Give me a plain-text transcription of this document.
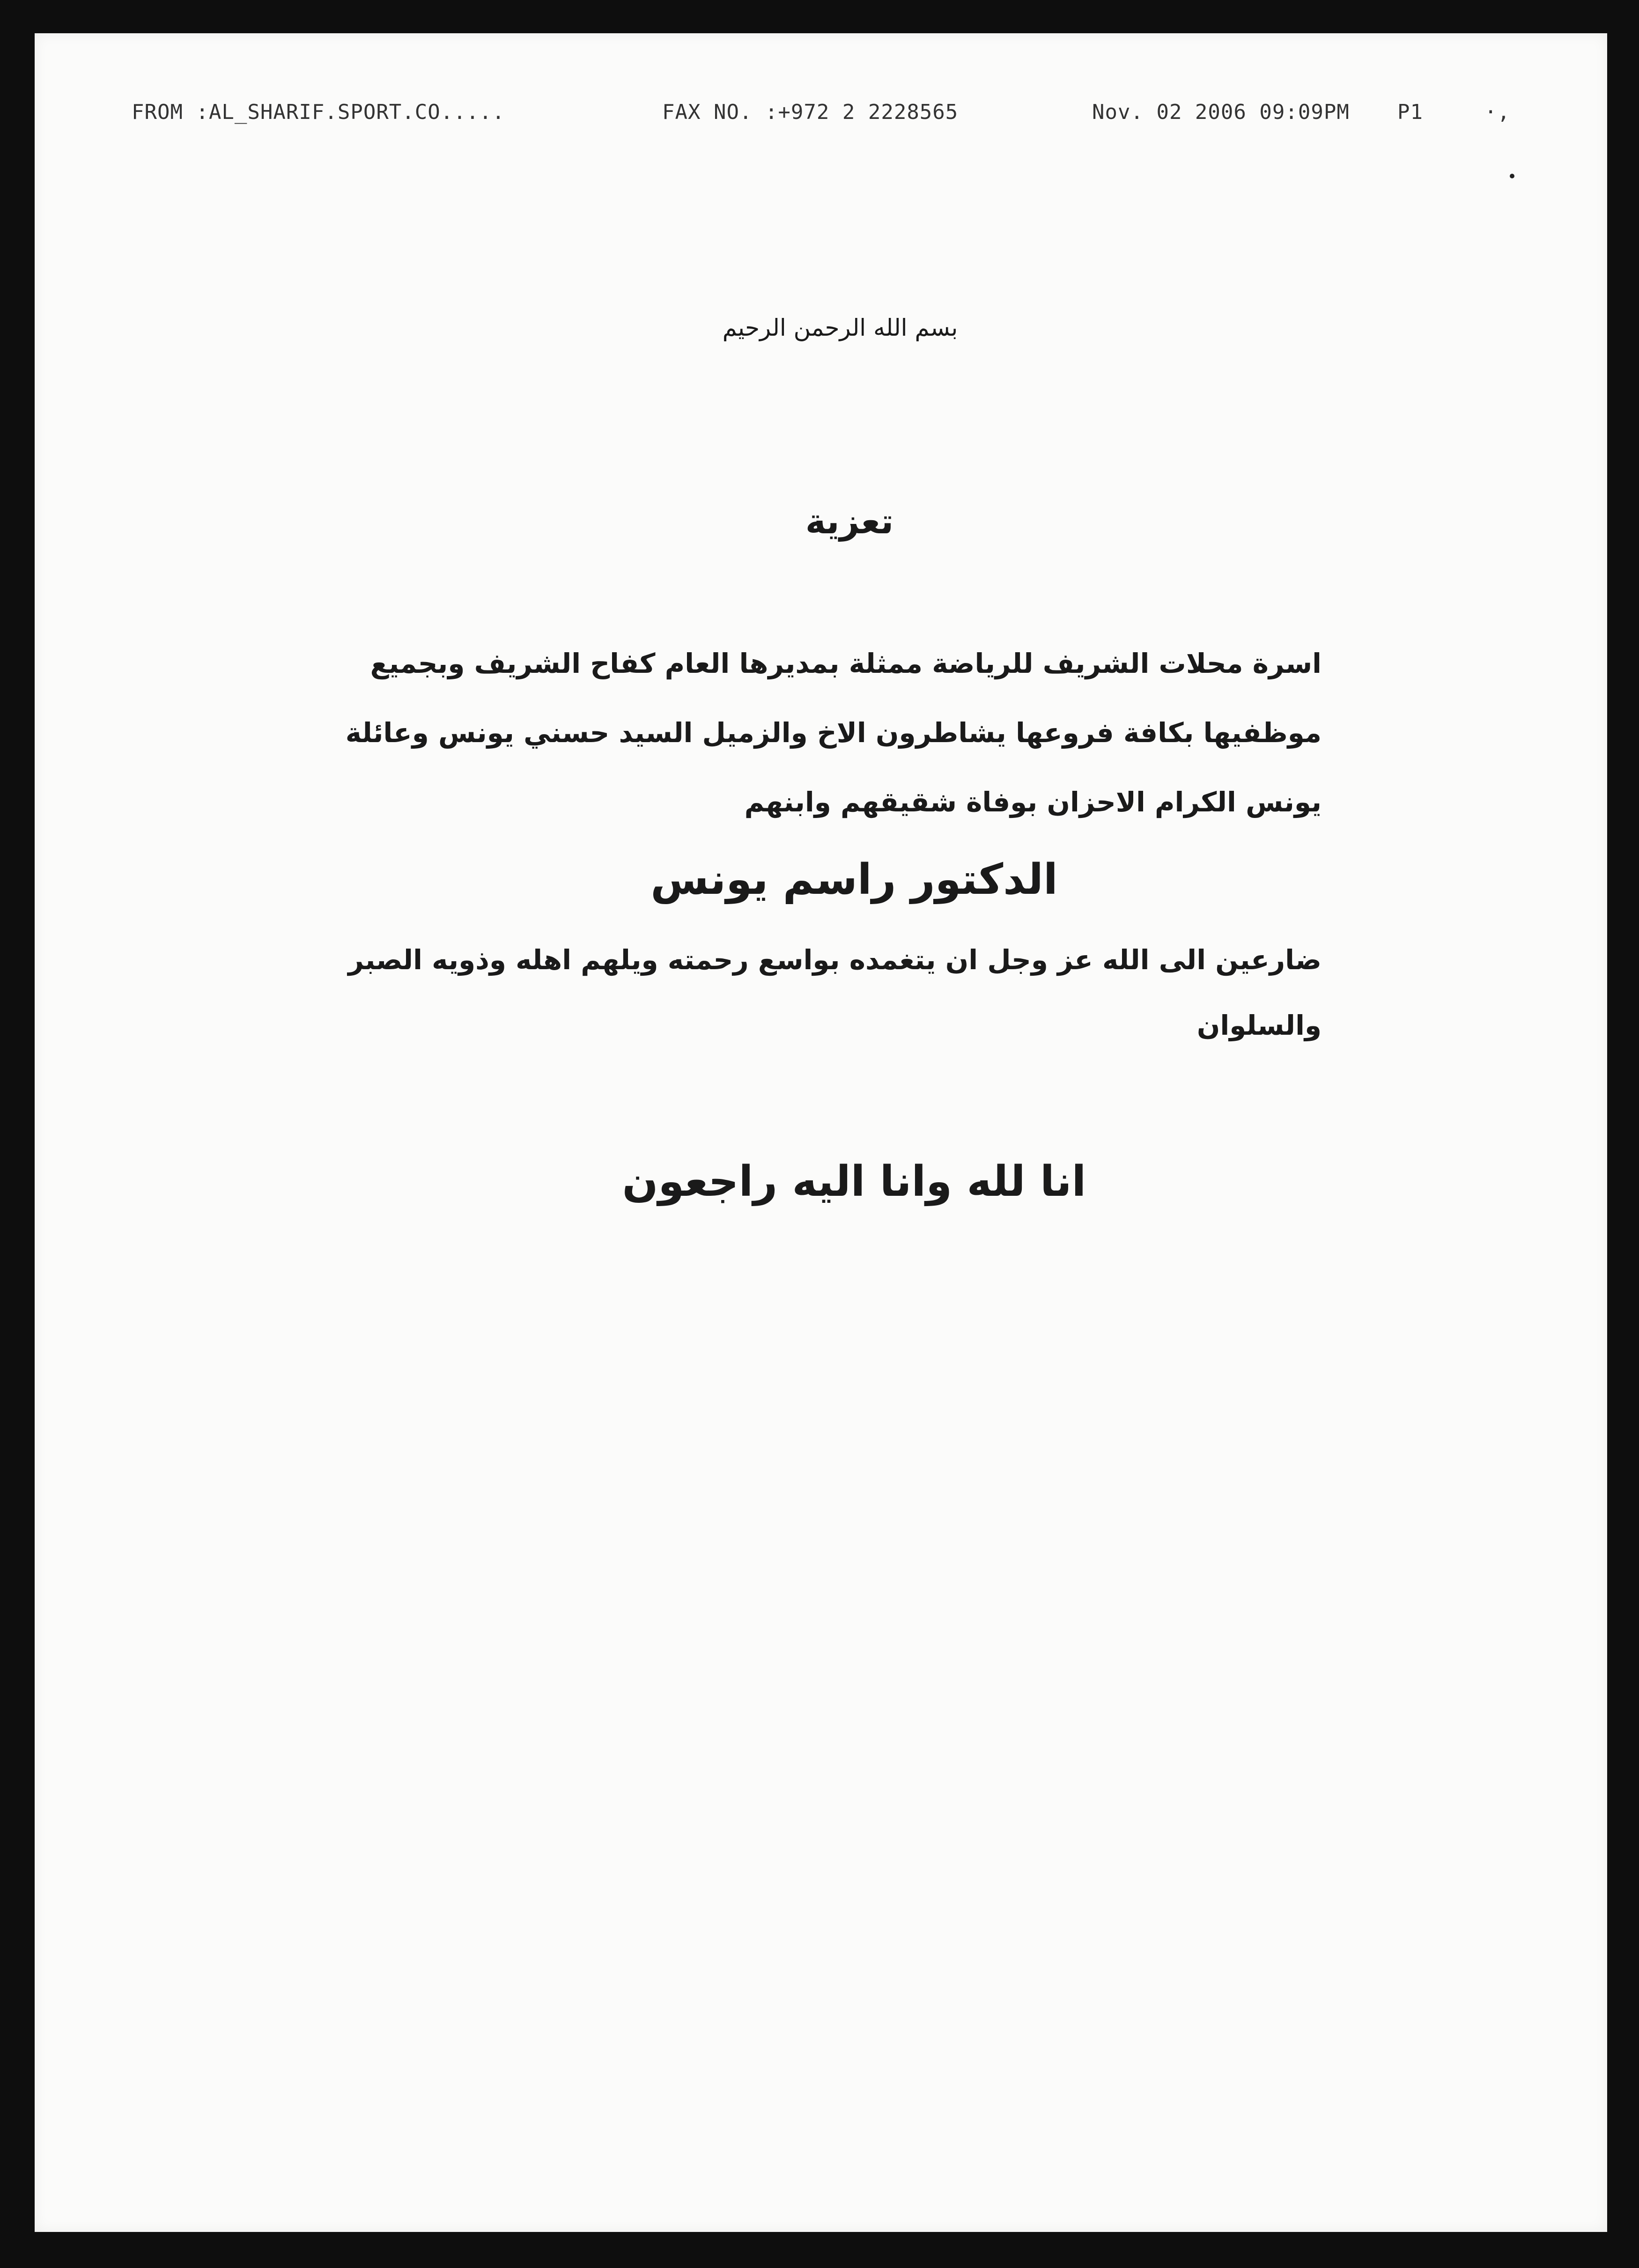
FROM :AL_SHARIF.SPORT.CO.....	FAX NO. :+972 2 2228565	Nov. 02 2006 09:09PM P1	·,
بسم الله الرحمن الرحيم
تعزية
اسرة محلات الشريف للرياضة ممثلة بمديرها العام كفاح الشريف وبجميع
موظفيها بكافة فروعها يشاطرون الاخ والزميل السيد حسني يونس وعائلة
يونس الكرام الاحزان بوفاة شقيقهم وابنهم
الدكتور راسم يونس
ضارعين الى الله عز وجل ان يتغمده بواسع رحمته ويلهم اهله وذويه الصبر
والسلوان
انا لله وانا اليه راجعون
